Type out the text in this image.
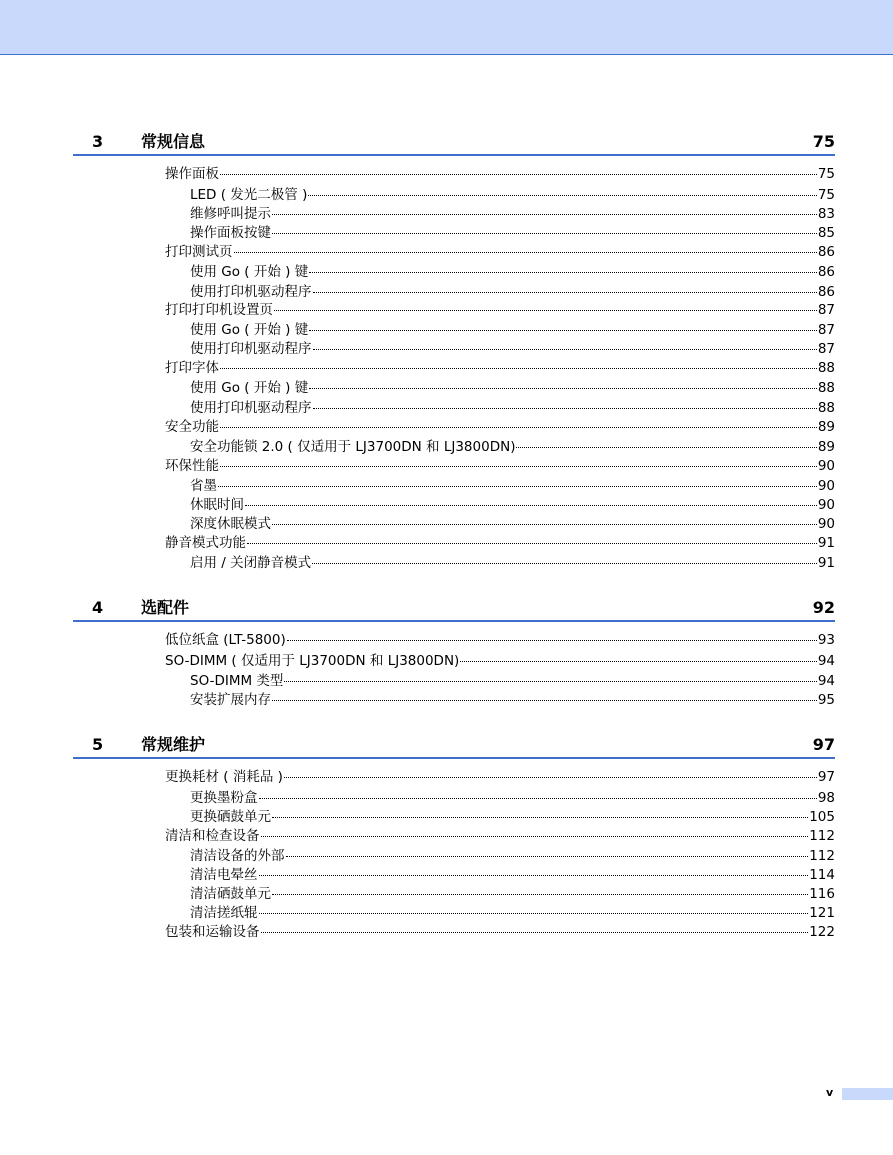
3 常规信息	75
操作面板	75
LED ( 发光二极管 )	75
维修呼叫提示	83
操作面板按键	85
打印测试页	86
使用 Go ( 开始 ) 键	86
使用打印机驱动程序	86
打印打印机设置页	87
使用 Go ( 开始 ) 键	87
使用打印机驱动程序	87
打印字体	88
使用 Go ( 开始 ) 键	88
使用打印机驱动程序	88
安全功能	89
安全功能锁 2.0 ( 仅适用于 LJ3700DN 和 LJ3800DN)	89
环保性能	90
省墨	90
休眠时间	90
深度休眠模式	90
静音模式功能	91
启用 / 关闭静音模式	91
4 选配件	92
低位纸盒 (LT-5800)	93
SO-DIMM ( 仅适用于 LJ3700DN 和 LJ3800DN)	94
SO-DIMM 类型	94
安装扩展内存	95
5 常规维护	97
更换耗材 ( 消耗品 )	97
更换墨粉盒	98
更换硒鼓单元	105
清洁和检查设备	112
清洁设备的外部	112
清洁电晕丝	114
清洁硒鼓单元	116
清洁搓纸辊	121
包装和运输设备	122
v
